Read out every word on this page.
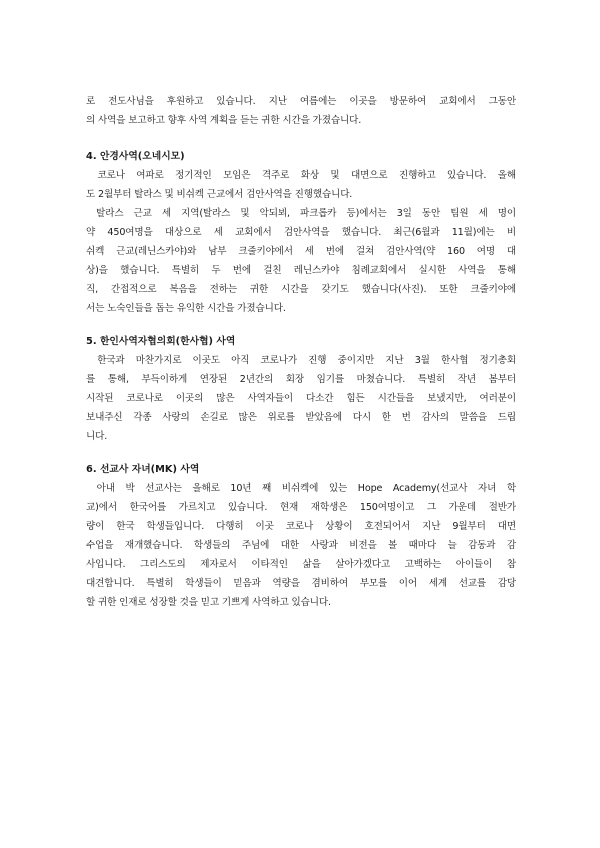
로 전도사님을 후원하고 있습니다. 지난 여름에는 이곳을 방문하여 교회에서 그동안
의 사역을 보고하고 향후 사역 계획을 듣는 귀한 시간을 가졌습니다.
4. 안경사역(오네시모)
코로나 여파로 정기적인 모임은 격주로 화상 및 대면으로 진행하고 있습니다. 올해
도 2월부터 탈라스 및 비쉬켁 근교에서 검안사역을 진행했습니다.
탈라스 근교 세 지역(탈라스 및 악되뵈, 파크롭카 등)에서는 3일 동안 팀원 세 명이
약 450여명을 대상으로 세 교회에서 검안사역을 했습니다. 최근(6월과 11월)에는 비
쉬켁 근교(레닌스카야)와 남부 크줄키야에서 세 번에 걸쳐 검안사역(약 160 여명 대
상)을 했습니다. 특별히 두 번에 걸친 레닌스카야 침례교회에서 실시한 사역을 통해
직, 간접적으로 복음을 전하는 귀한 시간을 갖기도 했습니다(사진). 또한 크줄키야에
서는 노숙인들을 돕는 유익한 시간을 가졌습니다.
5. 한인사역자협의회(한사협) 사역
한국과 마찬가지로 이곳도 아직 코로나가 진행 중이지만 지난 3월 한사협 정기총회
를 통해, 부득이하게 연장된 2년간의 회장 임기를 마쳤습니다. 특별히 작년 봄부터
시작된 코로나로 이곳의 많은 사역자들이 다소간 힘든 시간들을 보냈지만, 여러분이
보내주신 각종 사랑의 손길로 많은 위로를 받았음에 다시 한 번 감사의 말씀을 드립
니다.
6. 선교사 자녀(MK) 사역
아내 박 선교사는 올해로 10년 째 비쉬켁에 있는 Hope Academy(선교사 자녀 학
교)에서 한국어를 가르치고 있습니다. 현재 재학생은 150여명이고 그 가운데 절반가
량이 한국 학생들입니다. 다행히 이곳 코로나 상황이 호전되어서 지난 9월부터 대면
수업을 재개했습니다. 학생들의 주님에 대한 사랑과 비전을 볼 때마다 늘 감동과 감
사입니다. 그리스도의 제자로서 이타적인 삶을 살아가겠다고 고백하는 아이들이 참
대견합니다. 특별히 학생들이 믿음과 역량을 겸비하여 부모를 이어 세계 선교를 감당
할 귀한 인재로 성장할 것을 믿고 기쁘게 사역하고 있습니다.
